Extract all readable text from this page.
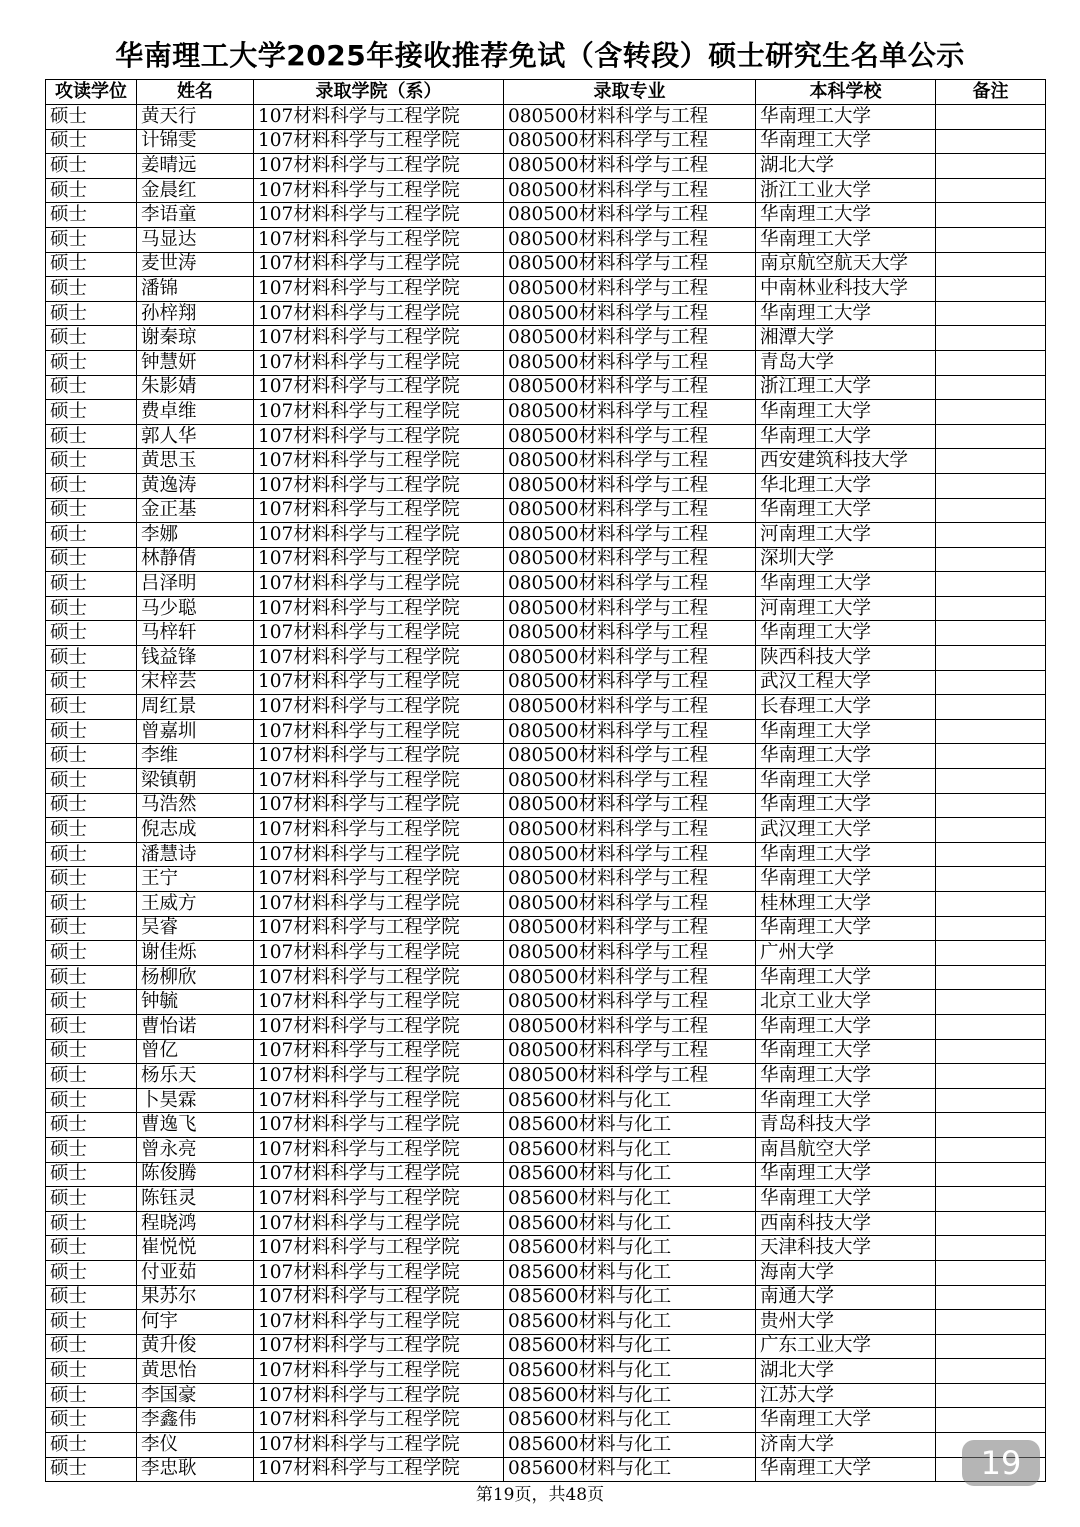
华南理工大学2025年接收推荐免试（含转段）硕士研究生名单公示
攻读学位	姓名	录取学院（系）	录取专业	本科学校	备注
硕士	黄天行	107材料科学与工程学院	080500材料科学与工程	华南理工大学	
硕士	计锦雯	107材料科学与工程学院	080500材料科学与工程	华南理工大学	
硕士	姜晴远	107材料科学与工程学院	080500材料科学与工程	湖北大学	
硕士	金晨红	107材料科学与工程学院	080500材料科学与工程	浙江工业大学	
硕士	李语童	107材料科学与工程学院	080500材料科学与工程	华南理工大学	
硕士	马显达	107材料科学与工程学院	080500材料科学与工程	华南理工大学	
硕士	麦世涛	107材料科学与工程学院	080500材料科学与工程	南京航空航天大学	
硕士	潘锦	107材料科学与工程学院	080500材料科学与工程	中南林业科技大学	
硕士	孙梓翔	107材料科学与工程学院	080500材料科学与工程	华南理工大学	
硕士	谢秦琼	107材料科学与工程学院	080500材料科学与工程	湘潭大学	
硕士	钟慧妍	107材料科学与工程学院	080500材料科学与工程	青岛大学	
硕士	朱影婧	107材料科学与工程学院	080500材料科学与工程	浙江理工大学	
硕士	费卓维	107材料科学与工程学院	080500材料科学与工程	华南理工大学	
硕士	郭人华	107材料科学与工程学院	080500材料科学与工程	华南理工大学	
硕士	黄思玉	107材料科学与工程学院	080500材料科学与工程	西安建筑科技大学	
硕士	黄逸涛	107材料科学与工程学院	080500材料科学与工程	华北理工大学	
硕士	金正基	107材料科学与工程学院	080500材料科学与工程	华南理工大学	
硕士	李娜	107材料科学与工程学院	080500材料科学与工程	河南理工大学	
硕士	林静倩	107材料科学与工程学院	080500材料科学与工程	深圳大学	
硕士	吕泽明	107材料科学与工程学院	080500材料科学与工程	华南理工大学	
硕士	马少聪	107材料科学与工程学院	080500材料科学与工程	河南理工大学	
硕士	马梓轩	107材料科学与工程学院	080500材料科学与工程	华南理工大学	
硕士	钱益锋	107材料科学与工程学院	080500材料科学与工程	陕西科技大学	
硕士	宋梓芸	107材料科学与工程学院	080500材料科学与工程	武汉工程大学	
硕士	周红景	107材料科学与工程学院	080500材料科学与工程	长春理工大学	
硕士	曾嘉圳	107材料科学与工程学院	080500材料科学与工程	华南理工大学	
硕士	李维	107材料科学与工程学院	080500材料科学与工程	华南理工大学	
硕士	梁镇朝	107材料科学与工程学院	080500材料科学与工程	华南理工大学	
硕士	马浩然	107材料科学与工程学院	080500材料科学与工程	华南理工大学	
硕士	倪志成	107材料科学与工程学院	080500材料科学与工程	武汉理工大学	
硕士	潘慧诗	107材料科学与工程学院	080500材料科学与工程	华南理工大学	
硕士	王宁	107材料科学与工程学院	080500材料科学与工程	华南理工大学	
硕士	王威方	107材料科学与工程学院	080500材料科学与工程	桂林理工大学	
硕士	吴睿	107材料科学与工程学院	080500材料科学与工程	华南理工大学	
硕士	谢佳烁	107材料科学与工程学院	080500材料科学与工程	广州大学	
硕士	杨柳欣	107材料科学与工程学院	080500材料科学与工程	华南理工大学	
硕士	钟毓	107材料科学与工程学院	080500材料科学与工程	北京工业大学	
硕士	曹怡诺	107材料科学与工程学院	080500材料科学与工程	华南理工大学	
硕士	曾亿	107材料科学与工程学院	080500材料科学与工程	华南理工大学	
硕士	杨乐天	107材料科学与工程学院	080500材料科学与工程	华南理工大学	
硕士	卜昊霖	107材料科学与工程学院	085600材料与化工	华南理工大学	
硕士	曹逸飞	107材料科学与工程学院	085600材料与化工	青岛科技大学	
硕士	曾永亮	107材料科学与工程学院	085600材料与化工	南昌航空大学	
硕士	陈俊腾	107材料科学与工程学院	085600材料与化工	华南理工大学	
硕士	陈钰灵	107材料科学与工程学院	085600材料与化工	华南理工大学	
硕士	程晓鸿	107材料科学与工程学院	085600材料与化工	西南科技大学	
硕士	崔悦悦	107材料科学与工程学院	085600材料与化工	天津科技大学	
硕士	付亚茹	107材料科学与工程学院	085600材料与化工	海南大学	
硕士	果苏尔	107材料科学与工程学院	085600材料与化工	南通大学	
硕士	何宇	107材料科学与工程学院	085600材料与化工	贵州大学	
硕士	黄升俊	107材料科学与工程学院	085600材料与化工	广东工业大学	
硕士	黄思怡	107材料科学与工程学院	085600材料与化工	湖北大学	
硕士	李国豪	107材料科学与工程学院	085600材料与化工	江苏大学	
硕士	李鑫伟	107材料科学与工程学院	085600材料与化工	华南理工大学	
硕士	李仪	107材料科学与工程学院	085600材料与化工	济南大学	
硕士	李忠耿	107材料科学与工程学院	085600材料与化工	华南理工大学	
第19页，共48页
19
